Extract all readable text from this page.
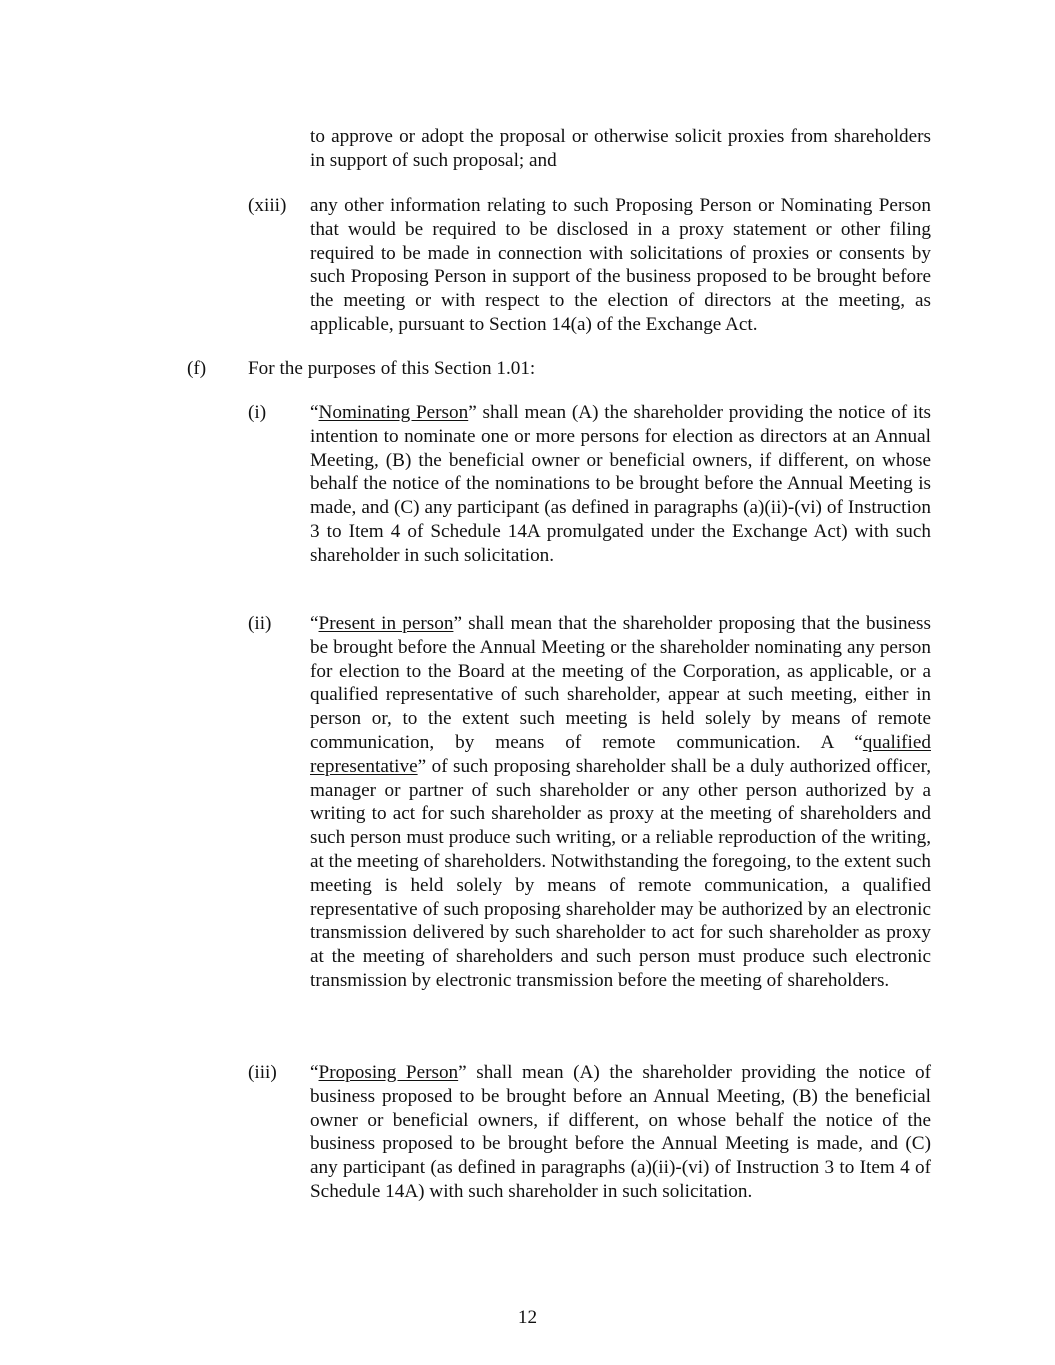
to approve or adopt the proposal or otherwise solicit proxies from shareholders in support of such proposal; and

(xiii) any other information relating to such Proposing Person or Nominating Person that would be required to be disclosed in a proxy statement or other filing required to be made in connection with solicitations of proxies or consents by such Proposing Person in support of the business proposed to be brought before the meeting or with respect to the election of directors at the meeting, as applicable, pursuant to Section 14(a) of the Exchange Act.

(f) For the purposes of this Section 1.01:

(i) “Nominating Person” shall mean (A) the shareholder providing the notice of its intention to nominate one or more persons for election as directors at an Annual Meeting, (B) the beneficial owner or beneficial owners, if different, on whose behalf the notice of the nominations to be brought before the Annual Meeting is made, and (C) any participant (as defined in paragraphs (a)(ii)-(vi) of Instruction 3 to Item 4 of Schedule 14A promulgated under the Exchange Act) with such shareholder in such solicitation.

(ii) “Present in person” shall mean that the shareholder proposing that the business be brought before the Annual Meeting or the shareholder nominating any person for election to the Board at the meeting of the Corporation, as applicable, or a qualified representative of such shareholder, appear at such meeting, either in person or, to the extent such meeting is held solely by means of remote communication, by means of remote communication. A “qualified representative” of such proposing shareholder shall be a duly authorized officer, manager or partner of such shareholder or any other person authorized by a writing to act for such shareholder as proxy at the meeting of shareholders and such person must produce such writing, or a reliable reproduction of the writing, at the meeting of shareholders. Notwithstanding the foregoing, to the extent such meeting is held solely by means of remote communication, a qualified representative of such proposing shareholder may be authorized by an electronic transmission delivered by such shareholder to act for such shareholder as proxy at the meeting of shareholders and such person must produce such electronic transmission by electronic transmission before the meeting of shareholders.

(iii) “Proposing Person” shall mean (A) the shareholder providing the notice of business proposed to be brought before an Annual Meeting, (B) the beneficial owner or beneficial owners, if different, on whose behalf the notice of the business proposed to be brought before the Annual Meeting is made, and (C) any participant (as defined in paragraphs (a)(ii)-(vi) of Instruction 3 to Item 4 of Schedule 14A) with such shareholder in such solicitation.

12
